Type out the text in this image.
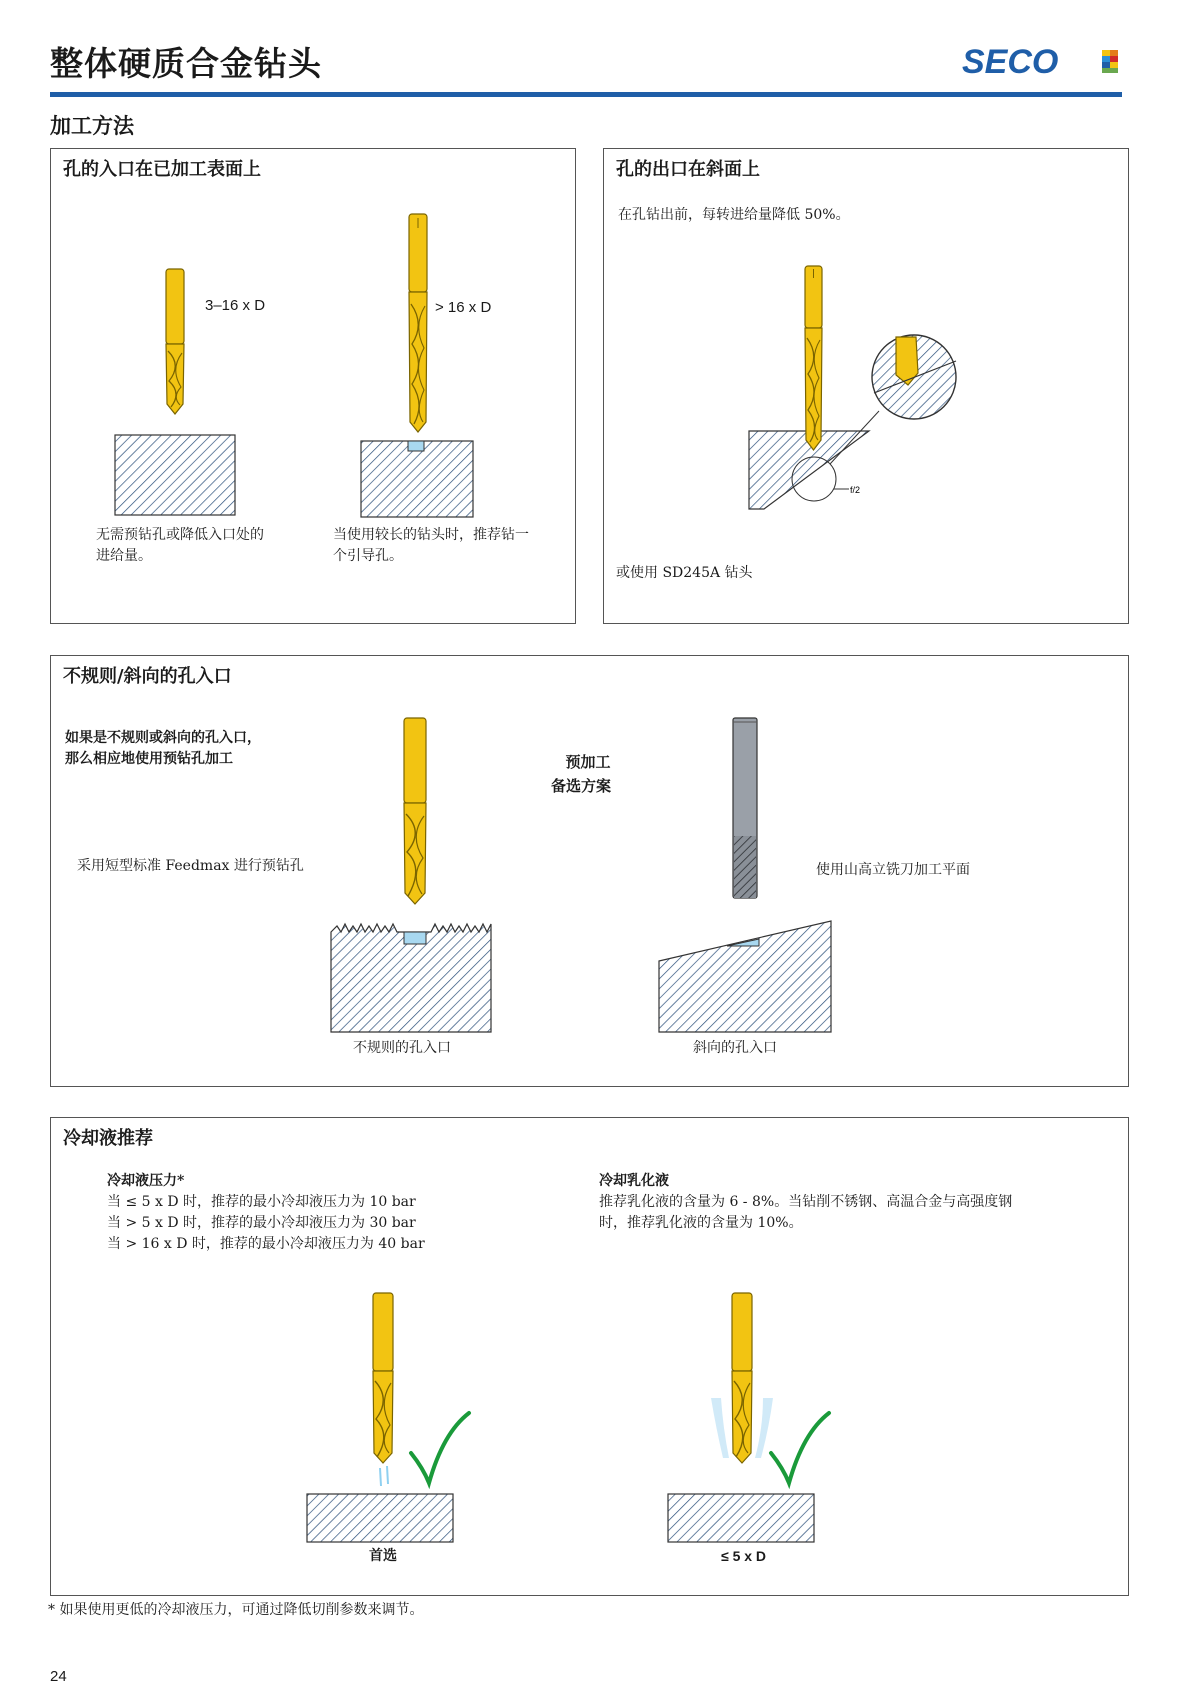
整体硬质合金钻头	SECO
加工方法
孔的入口在已加工表面上
3–16 x D	> 16 x D
无需预钻孔或降低入口处的
进给量。
当使用较长的钻头时，推荐钻一
个引导孔。
孔的出口在斜面上
在孔钻出前，每转进给量降低 50%。
f/2
或使用 SD245A 钻头
不规则/斜向的孔入口
如果是不规则或斜向的孔入口，
那么相应地使用预钻孔加工
采用短型标准 Feedmax 进行预钻孔
预加工
备选方案
使用山高立铣刀加工平面
不规则的孔入口	斜向的孔入口
冷却液推荐
冷却液压力*
当 ≤ 5 x D 时，推荐的最小冷却液压力为 10 bar
当 > 5 x D 时，推荐的最小冷却液压力为 30 bar
当 > 16 x D 时，推荐的最小冷却液压力为 40 bar
冷却乳化液
推荐乳化液的含量为 6 - 8%。当钻削不锈钢、高温合金与高强度钢
时，推荐乳化液的含量为 10%。
首选	≤ 5 x D
* 如果使用更低的冷却液压力，可通过降低切削参数来调节。
24
